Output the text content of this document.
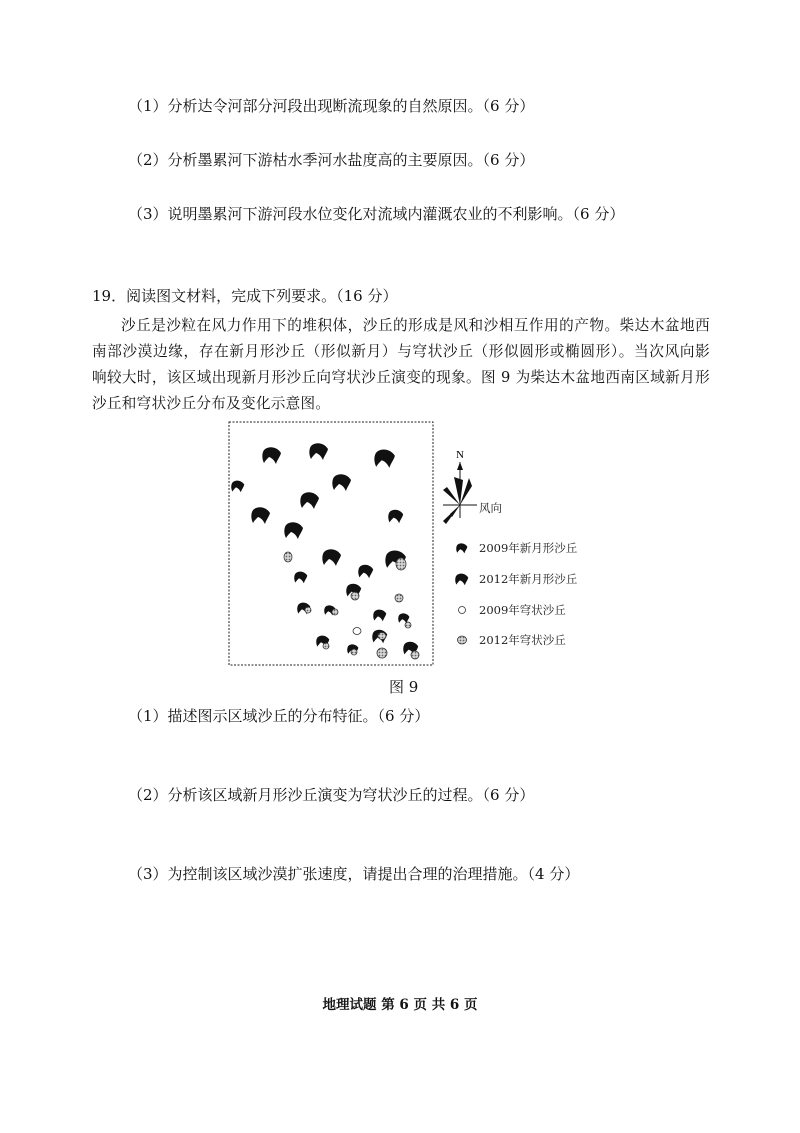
（1）分析达令河部分河段出现断流现象的自然原因。（6 分）
（2）分析墨累河下游枯水季河水盐度高的主要原因。（6 分）
（3）说明墨累河下游河段水位变化对流域内灌溉农业的不利影响。（6 分）
19．阅读图文材料，完成下列要求。（16 分）
沙丘是沙粒在风力作用下的堆积体，沙丘的形成是风和沙相互作用的产物。柴达木盆地西南部沙漠边缘，存在新月形沙丘（形似新月）与穹状沙丘（形似圆形或椭圆形）。当次风向影响较大时，该区域出现新月形沙丘向穹状沙丘演变的现象。图 9 为柴达木盆地西南区域新月形沙丘和穹状沙丘分布及变化示意图。
N
风向
2009年新月形沙丘
2012年新月形沙丘
2009年穹状沙丘
2012年穹状沙丘
图 9
（1）描述图示区域沙丘的分布特征。（6 分）
（2）分析该区域新月形沙丘演变为穹状沙丘的过程。（6 分）
（3）为控制该区域沙漠扩张速度，请提出合理的治理措施。（4 分）
地理试题 第 6 页 共 6 页
